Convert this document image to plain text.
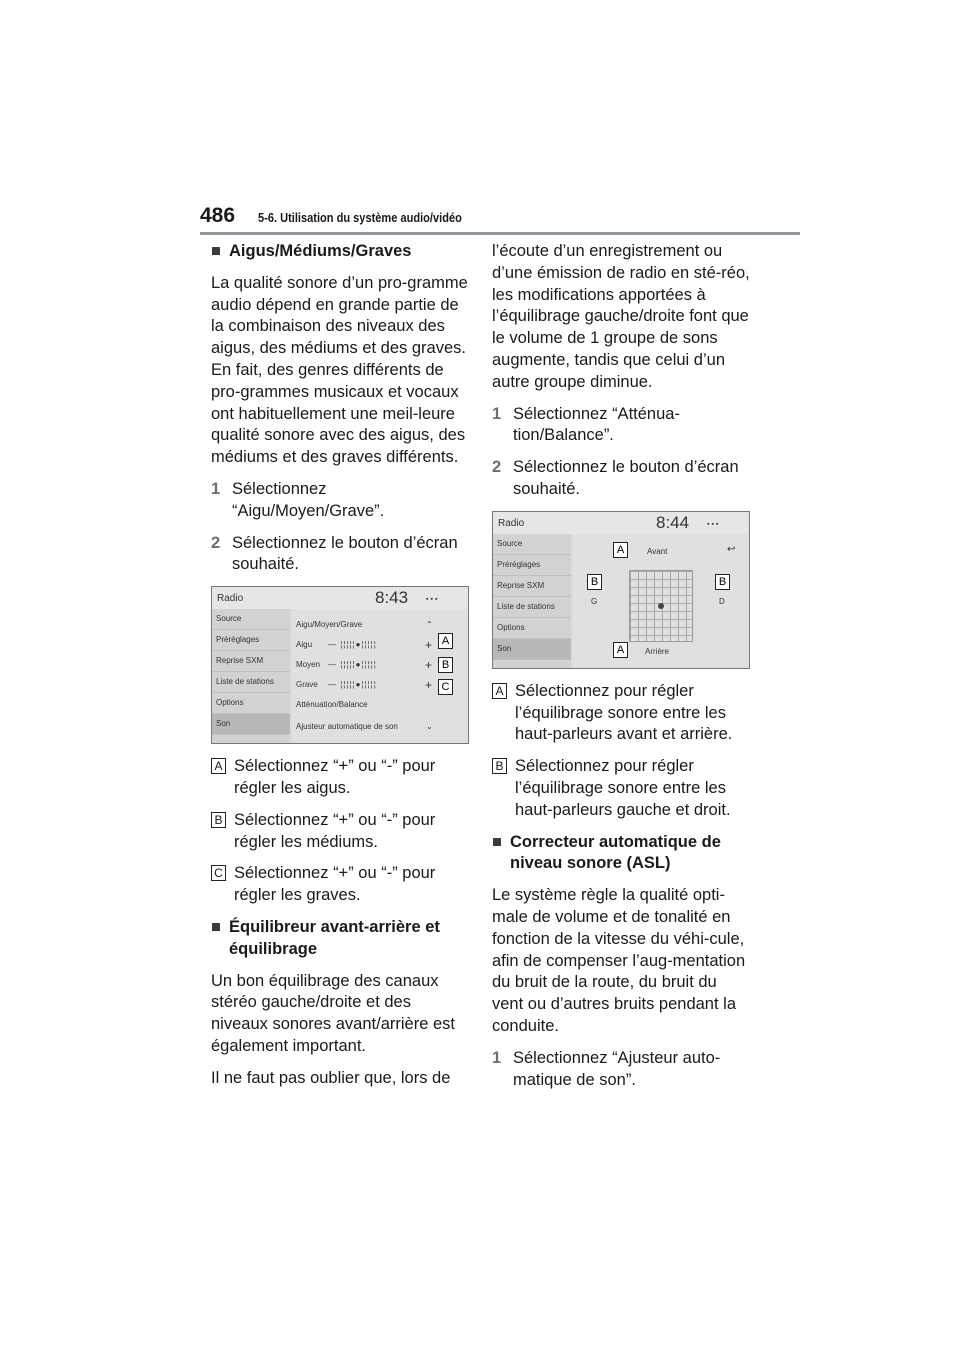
486 5-6. Utilisation du système audio/vidéo
■ Aigus/Médiums/Graves

La qualité sonore d’un pro-gramme audio dépend en grande partie de la combinaison des niveaux des aigus, des médiums et des graves. En fait, des genres différents de pro-grammes musicaux et vocaux ont habituellement une meil-leure qualité sonore avec des aigus, des médiums et des graves différents.

1 Sélectionnez “Aigu/Moyen/Grave”.
2 Sélectionnez le bouton d’écran souhaité.
Radio	8:43	▪▪▪
Source
Préréglages
Reprise SXM
Liste de stations
Options
Son
Aigu/Moyen/Grave	⌃
Aigu — ¦¦¦¦¦●¦¦¦¦¦	+
Moyen — ¦¦¦¦¦●¦¦¦¦¦	+
Grave — ¦¦¦¦¦●¦¦¦¦¦	+
Atténuation/Balance
Ajusteur automatique de son	⌄
A
B
C
A Sélectionnez “+” ou “-” pour régler les aigus.
B Sélectionnez “+” ou “-” pour régler les médiums.
C Sélectionnez “+” ou “-” pour régler les graves.
■ Équilibreur avant-arrière et équilibrage

Un bon équilibrage des canaux stéréo gauche/droite et des niveaux sonores avant/arrière est également important.

Il ne faut pas oublier que, lors de

l’écoute d’un enregistrement ou d’une émission de radio en sté-réo, les modifications apportées à l’équilibrage gauche/droite font que le volume de 1 groupe de sons augmente, tandis que celui d’un autre groupe diminue.

1 Sélectionnez “Atténua-tion/Balance”.
2 Sélectionnez le bouton d’écran souhaité.
Radio	8:44	▪▪▪
Source
Préréglages
Reprise SXM
Liste de stations
Options
Son
Avant	↩
G	D
Arrière
A
B	B
A
A Sélectionnez pour régler l’équilibrage sonore entre les haut-parleurs avant et arrière.
B Sélectionnez pour régler l’équilibrage sonore entre les haut-parleurs gauche et droit.
■ Correcteur automatique de niveau sonore (ASL)

Le système règle la qualité opti-male de volume et de tonalité en fonction de la vitesse du véhi-cule, afin de compenser l’aug-mentation du bruit de la route, du bruit du vent ou d’autres bruits pendant la conduite.

1 Sélectionnez “Ajusteur auto-matique de son”.
